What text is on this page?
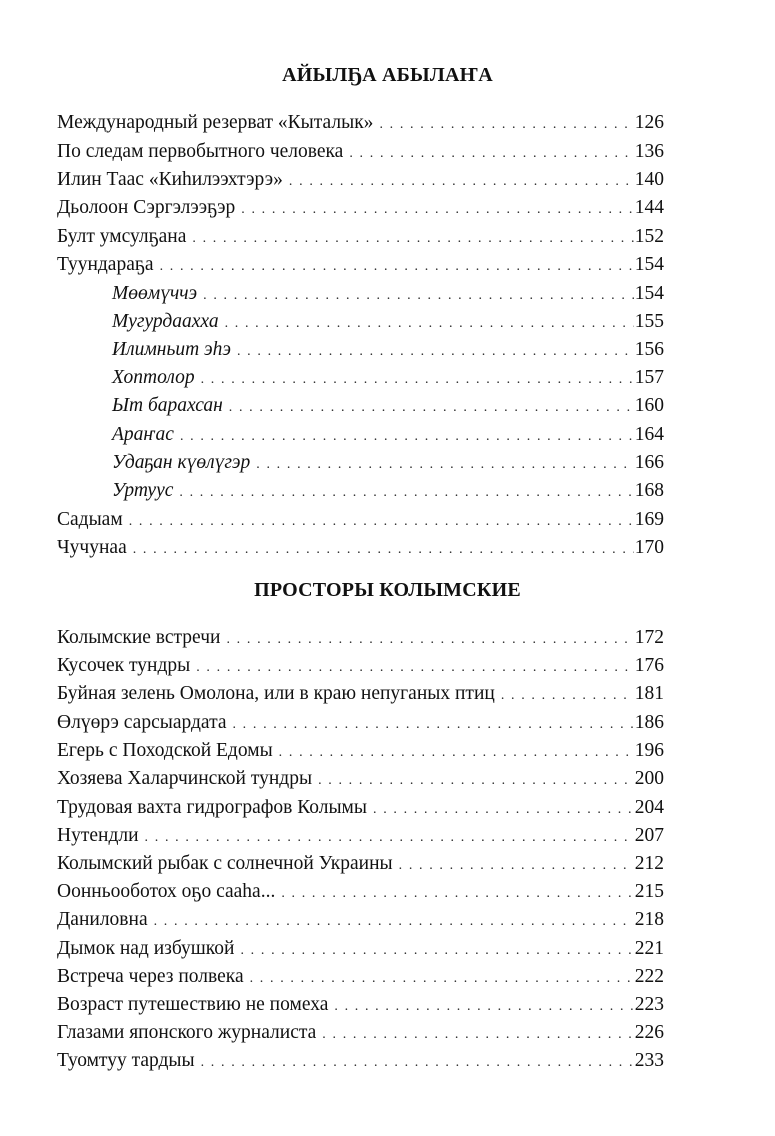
АЙЫЛҔА АБЫЛАҤА
Международный резерват «Кыталык» . . .	126
По следам первобытного человека . . .	136
Илин Таас «Киһилээхтэрэ» . . .	140
Дьолоон Сэргэлээҕэр . . .	144
Булт умсулҕана . . .	152
Туундараҕа . . .	154
Мөөмүччэ . . .	154
Мугурдаахха . . .	155
Илимньит эһэ . . .	156
Хоптолор . . .	157
Ыт барахсан . . .	160
Араҥас . . .	164
Удаҕан күөлүгэр . . .	166
Уртуус . . .	168
Садыам . . .	169
Чучунаа . . .	170
ПРОСТОРЫ КОЛЫМСКИЕ
Колымские встречи . . .	172
Кусочек тундры . . .	176
Буйная зелень Омолона, или в краю непуганых птиц . . .	181
Өлүөрэ сарсыардата . . .	186
Егерь с Походской Едомы . . .	196
Хозяева Халарчинской тундры . . .	200
Трудовая вахта гидрографов Колымы . . .	204
Нутендли . . .	207
Колымский рыбак с солнечной Украины . . .	212
Оонньооботох оҕо сааһа... . . .	215
Даниловна . . .	218
Дымок над избушкой . . .	221
Встреча через полвека . . .	222
Возраст путешествию не помеха . . .	223
Глазами японского журналиста . . .	226
Туомтуу тардыы . . .	233
